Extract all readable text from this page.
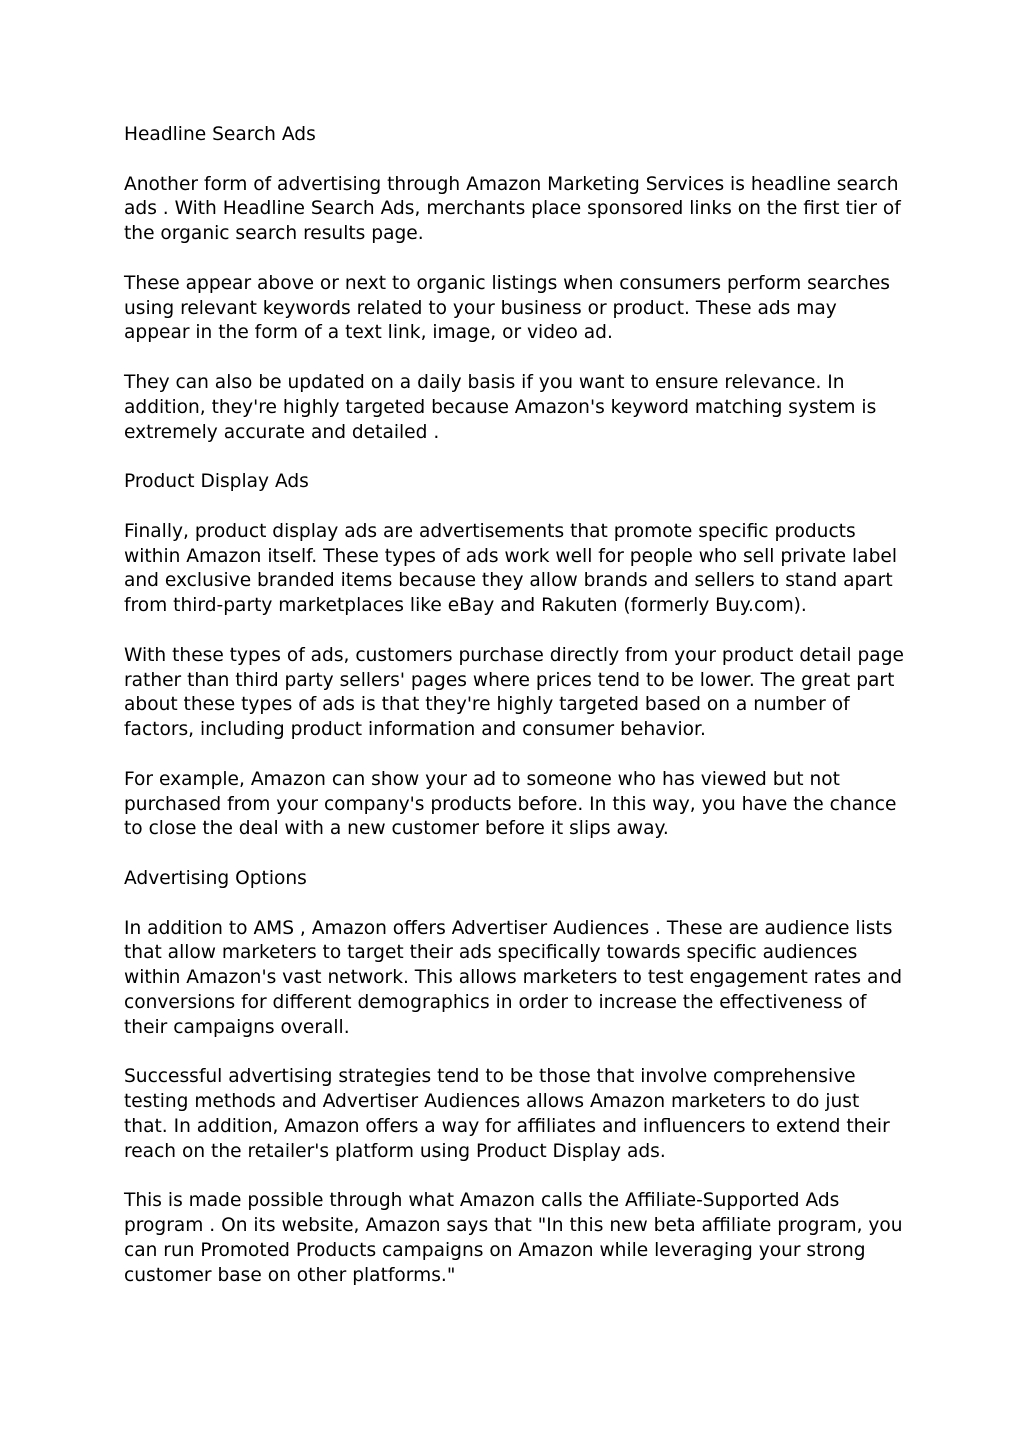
Headline Search Ads

Another form of advertising through Amazon Marketing Services is headline search ads . With Headline Search Ads, merchants place sponsored links on the first tier of the organic search results page.

These appear above or next to organic listings when consumers perform searches using relevant keywords related to your business or product. These ads may appear in the form of a text link, image, or video ad.

They can also be updated on a daily basis if you want to ensure relevance. In addition, they're highly targeted because Amazon's keyword matching system is extremely accurate and detailed .

Product Display Ads

Finally, product display ads are advertisements that promote specific products within Amazon itself. These types of ads work well for people who sell private label and exclusive branded items because they allow brands and sellers to stand apart from third-party marketplaces like eBay and Rakuten (formerly Buy.com).

With these types of ads, customers purchase directly from your product detail page rather than third party sellers' pages where prices tend to be lower. The great part about these types of ads is that they're highly targeted based on a number of factors, including product information and consumer behavior.

For example, Amazon can show your ad to someone who has viewed but not purchased from your company's products before. In this way, you have the chance to close the deal with a new customer before it slips away.

Advertising Options

In addition to AMS , Amazon offers Advertiser Audiences . These are audience lists that allow marketers to target their ads specifically towards specific audiences within Amazon's vast network. This allows marketers to test engagement rates and conversions for different demographics in order to increase the effectiveness of their campaigns overall.

Successful advertising strategies tend to be those that involve comprehensive testing methods and Advertiser Audiences allows Amazon marketers to do just that. In addition, Amazon offers a way for affiliates and influencers to extend their reach on the retailer's platform using Product Display ads.

This is made possible through what Amazon calls the Affiliate-Supported Ads program . On its website, Amazon says that "In this new beta affiliate program, you can run Promoted Products campaigns on Amazon while leveraging your strong customer base on other platforms."
